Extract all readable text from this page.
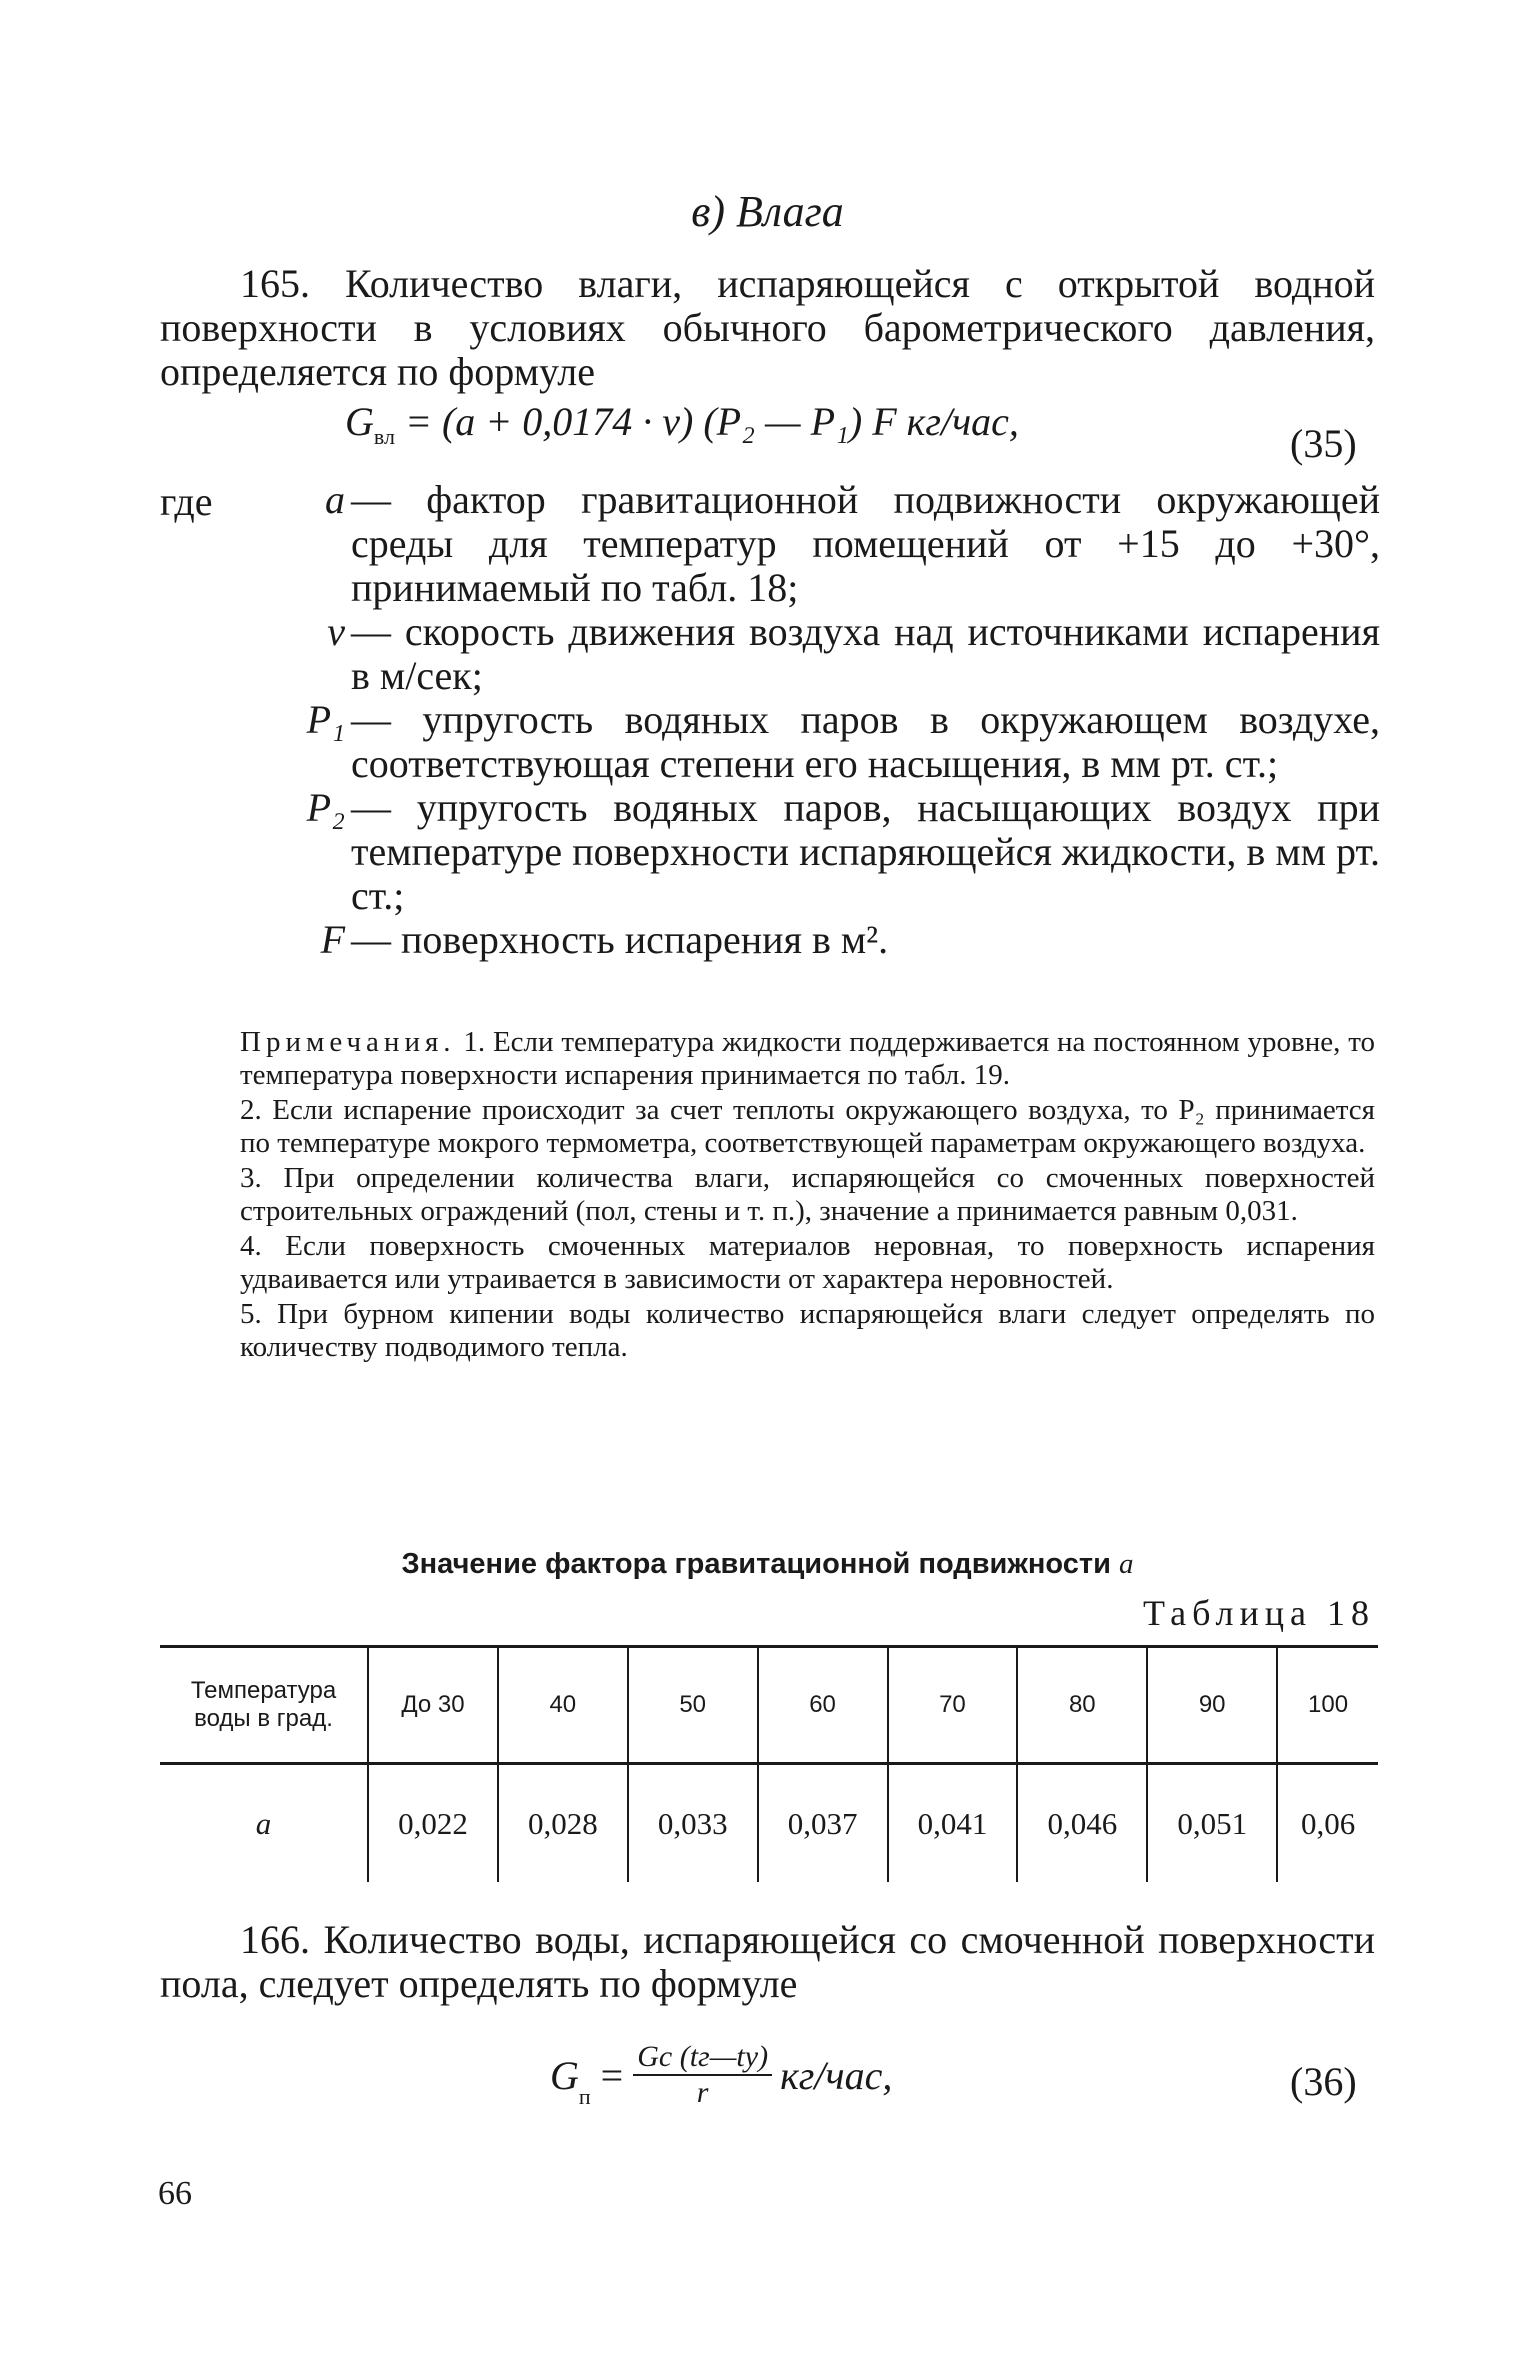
в) Влага
165. Количество влаги, испаряющейся с открытой водной поверхности в условиях обычного барометрического давления, определяется по формуле
$G_{вл} = (a + 0,0174 \cdot v)$ (P₂ — P₁) F кг/час,	(35)
где	a — фактор гравитационной подвижности окружающей среды для температур помещений от +15 до +30°, принимаемый по табл. 18;
v — скорость движения воздуха над источниками испарения в м/сек;
P₁ — упругость водяных паров в окружающем воздухе, соответствующая степени его насыщения, в мм рт. ст.;
P₂ — упругость водяных паров, насыщающих воздух при температуре поверхности испаряющейся жидкости, в мм рт. ст.;
F — поверхность испарения в м².

Примечания. 1. Если температура жидкости поддерживается на постоянном уровне, то температура поверхности испарения принимается по табл. 19.

2. Если испарение происходит за счет теплоты окружающего воздуха, то P₂ принимается по температуре мокрого термометра, соответствующей параметрам окружающего воздуха.

3. При определении количества влаги, испаряющейся со смоченных поверхностей строительных ограждений (пол, стены и т. п.), значение a принимается равным 0,031.

4. Если поверхность смоченных материалов неровная, то поверхность испарения удваивается или утраивается в зависимости от характера неровностей.

5. При бурном кипении воды количество испаряющейся влаги следует определять по количеству подводимого тепла.

Значение фактора гравитационной подвижности a
Таблица 18
Температура воды в град.	До 30	40	50	60	70	80	90	100
a	0,022	0,028	0,033	0,037	0,041	0,046	0,051	0,06
166. Количество воды, испаряющейся со смоченной поверхности пола, следует определять по формуле
$G_п$ = Gс (tг—tу)
r кг/час,	(36)
66
